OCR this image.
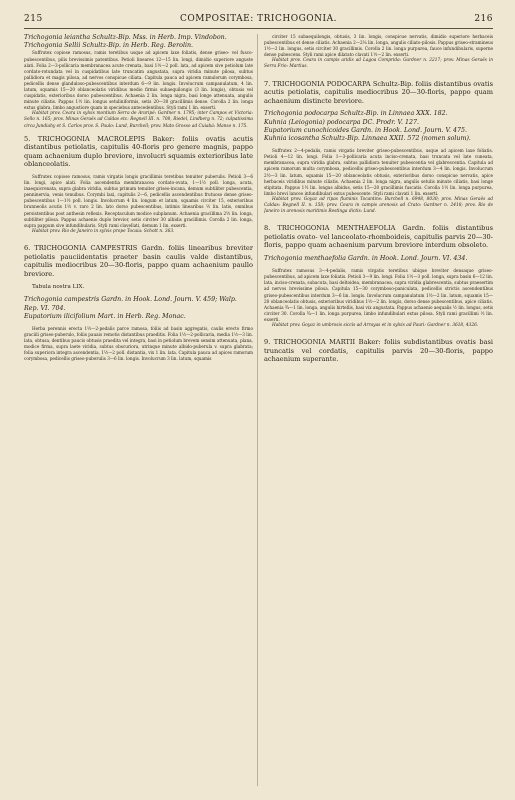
215	COMPOSITAE: TRICHOGONIA.	216

Trichogonia leiantha Schultz-Bip. Mss. in Herb. Imp. Vindobon.

Trichogonia Sellii Schultz-Bip. in Herb. Reg. Berolin.

Suffrutex copiose ramosus, ramis teretibus usque ad apicem laxe foliatis, dense griseo- vel fusco-pubescentibus, pilis brevissimis patentibus. Petioli lineares 12—15 lin. longi, dimidio superiore anguste alati. Folia 2—3-pollicaria membranacea acute crenata, basi 1½—2 poll. lata, ad apicem sive petiolum late cordato-rotundata vel in cuspidatibus late truncatim angustata, supra viridia minute pilosa, subtus pallidiora et magis pilosa, ad nervos conspicue ciliata. Capitula pauca ad apicem ramulorum corymbosa, pedicellis dense glanduloso-pubescentibus interdum 6—9 lin. longis. Involucrum campanulatum, 4 lin. latum, squamis 15—20 oblanceolatis viridibus medio firmis subaequilongis (3 lin. longis), obtusis vel cuspidatis, exterioribus dorso pubescentibus. Achaenia 2 lin. longa nigra, basi longe attenuata, angulis minute ciliatis. Pappus 1½ lin. longus setuliniformis, setis 20—30 gracillimis dense. Corolla 2 lin. longa extus glabra, limbo angustiore quam in speciebus antecedentibus. Styli rami 1 lin. exserti.

Habitat prov. Ceara in sylvis montium Serra de Araripé: Gardner n. 1795; inter Campos et Victoria: Sello n. 165; prov. Minas Geraës ad Caldas etc: Regnell III. n. 708, Riedel, Lindberg n. 72; culpatissima circa Jundiahy et S. Carlos prov. S. Paulo: Lund, Burchell; prov. Mato Grosso ad Cuiabá: Manso n. 175.

5. TRICHOGONIA MACROLEPIS Baker: foliis ovatis acutis distantibus petiolatis, capitulis 40-floris pro genere magnis, pappo quam achaenium duplo breviore, involucri squamis exterioribus late oblanceolatis.

Suffrutex copiose ramosus, ramis virgatis longis gracillimis teretibus tenuiter puberulis. Petioli 3—6 lin. longi, apice alati. Folia ascendentia membranacea cordato-ovata, 1—1½ poll. longa, acuta, inaequicrenata, supra glabra viridia, subtus primum tenuiter griseo-incana, demum subtiliter pubescentia, penninervia, venis tenuibus. Corymbi laxi, capitulis 2—6, pedicellis ascendentibus frutuoso dense griseo-pubescentibus 1—1½ poll. longis. Involucrum 4 lin. longum et latum, squamis circiter 15, exterioribus brunneolis acutis 1½ v. raro 2 lin. lato dorso pubescentibus, intimis linearibus ½ lin. latis, omnibus persistentibus post anthesin reflexis. Receptaculum modice subplanum. Achaenia gracillima 2½ lin. longa, subtiliter pilosa. Pappus achaenio duplo brevior, setis circiter 30 albidis gracillimis. Corolla 2 lin. longa, supra pappum sive infundibularis. Styli rami clavellati, demum 1 lin. exserti.

Habitat prov. Rio de Janeiro in sylvis prope Tocaia: Schott n. 363.

6. TRICHOGONIA CAMPESTRIS Gardn. foliis linearibus breviter petiolatis pauciidentatis praeter basin caulis valde distantibus, capitulis mediocribus 20—30-floris, pappo quam achaenium paullo breviore.

Tabula nostra LIX.

Trichogonia campestris Gardn. in Hook. Lond. Journ. V. 459; Walp. Rep. VI. 704.

Eupatorium ilicifolium Mart. in Herb. Reg. Monac.

Herba perennis erecta 1½—2-pedalis parce ramosa, foliis ad basin aggregatis, caulis erecto firmo graciili griseo-puberulo, foliis pauais remotis distantibus praeditis. Folia 1½—2-pollicaria, media 1½—3 lin. lata, obtusa, dentibus paucis obtusis praedita vel integra, basi in petiolum brevem sensim attenuata, plana, modice firma, supra laete viridia, subtus obscuriora, utrinque minute albido-puberula v. supra glabrata; folia superiora integra ascendentia, 1½—2 poll. distantia, vix 1 lin. lata. Capitula pauca ad apices ramorum corymbosa, pedicellis griseo-puberulis 3—6 lin. longis. Involucrum 3 lin. latum, squamis

circiter 15 subaequilongis, obtusis, 3 lin. longis, conspicue nervatis, dimidio superiore herbaceis pubescentibus et dense ciliatis. Achaenia 2—2¼ lin. longa, angulis ciliato-pilosis. Pappus griseo-stramineus 1½—2 lin. longus, setis circiter 30 gracillimis. Corolla 2 lin. longa purpurea, fauce infundibularis, superne dense pubescens. Styli rami apice dilatato clavati 1½—2 lin. exserti.

Habitat prov. Ceara in campis aridis ad Lagoa Comprida: Gardner n. 2217; prov. Minas Geraës in Serra Frio: Martius.

7. TRICHOGONIA PODOCARPA Schultz-Bip. foliis distantibus ovatis acutis petiolatis, capitulis mediocribus 20—30-floris, pappo quam achaenium distincte breviore.

Trichogonia podocarpa Schultz-Bip. in Linnaea XXX. 182.

Kuhnia (Leiogonia) podocarpa DC. Prodr. V. 127.

Eupatorium cunochicoides Gardn. in Hook. Lond. Journ. V. 475.

Kuhnia icosantha Schultz-Bip. Linnaea XXII. 572 (nomen solum).

Suffrutex 2—4-pedalis, ramis virgatis breviter griseo-pubescentibus, usque ad apicem laxe foliatis. Petioli 4—12 lin. longi. Folia 1—3-pollicaria acuta inciso-crenata, basi truncata vel late cuneata, membranacea, supra viridia glabra, subtus pallidiora tenuiter pubescentia vel glabrescentia. Capitula ad apicem ramorum multa corymbosa, pedicellis griseo-pubescentibus interdum 3—4 lin. longis. Involucrum 2½—3 lin. latum, squamis 15—20 oblanceolatis obtusis, exterioribus dorso conspicue nervatis, apice herbaceis viridibus minute ciliatis. Achaenia 2 lin. longa nigra, angulis setulis minute ciliatis, basi longe stipitata. Pappus 1½ lin. longus albidus, setis 15—20 gracillimis fuscatis. Corolla 1½ lin. longa purpurea, limbo brevi lanceo infundibulari extus pubescente. Styli rami clavati 1 lin. exserti.

Habitat prov. Goyaz ad ripas fluminis Tocantins: Burchell n. 6948, 8030; prov. Minas Geraës ad Caldas: Regnell II. n. 158; prov. Ceara in campis arenosis ad Crato: Gardner n. 2418; prov. Rio de Janeiro in arenosis maritimis Restinga dictis: Lund.

8. TRICHOGONIA MENTHAEFOLIA Gardn. foliis distantibus petiolatis ovato- vel lanceolato-rhomboideis, capitulis parvis 20—30-floris, pappo quam achaenium parvum breviore interdum obsoleto.

Trichogonia menthaefolia Gardn. in Hook. Lond. Journ. VI. 434.

Suffrutex ramosus 3—4-pedalis, ramis virgatis teretibus ubique breviter densaque griseo-pubescentibus, ad apicem laxe foliatis. Petioli 3—9 lin. longi. Folia 1½—3 poll. longa, supra basin 6—12 lin. lata, inciso-crenata, subacuta, basi deltoidea, membranacea, supra viridia glabrescentia, subtus praesertim ad nervos brevissime pilosa. Capitula 15—30 corymboso-paniculata, pedicellis strictis ascendentibus griseo-pubescentibus interdum 3—6 lin. longis. Involucrum campanulatum 1½—2 lin. latum, squamis 15—20 oblanceolatis obtusis, exterioribus viridibus 1½—2 lin. longis, dorso dense pubescentibus, apice ciliatis. Achaenia ¾—1 lin. longa, angulis hirtellis, basi vix angustata. Pappus achaenio aequalis ½ lin. longus, setis circiter 30. Corolla ¾—1 lin. longa purpurea, limbo infundibulari extus pilosa. Styli rami gracillimi ½ lin. exserti.

Habitat prov. Goyaz in umbrosis siccis ad Arrayas et in sylvis ad Pauri: Gardner n. 3618, 4326.

9. TRICHOGONIA MARTII Baker: foliis subdistantibus ovatis basi truncatis vel cordatis, capitulis parvis 20—30-floris, pappo achaenium superante.
